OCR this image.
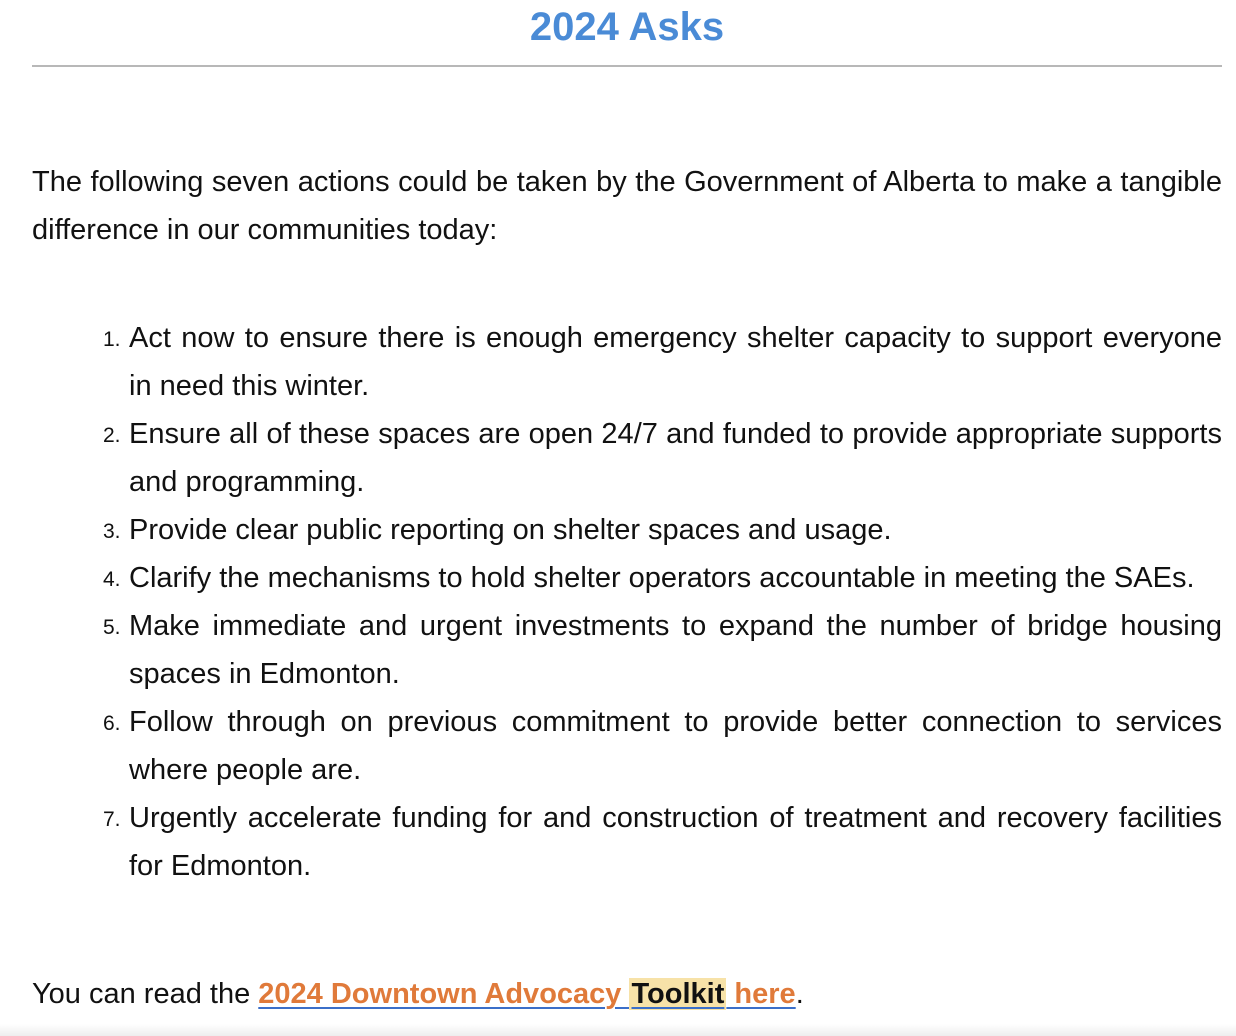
2024 Asks

The following seven actions could be taken by the Government of Alberta to make a tangible difference in our communities today:

1. Act now to ensure there is enough emergency shelter capacity to support everyone in need this winter.
2. Ensure all of these spaces are open 24/7 and funded to provide appropriate supports and programming.
3. Provide clear public reporting on shelter spaces and usage.
4. Clarify the mechanisms to hold shelter operators accountable in meeting the SAEs.
5. Make immediate and urgent investments to expand the number of bridge housing spaces in Edmonton.
6. Follow through on previous commitment to provide better connection to services where people are.
7. Urgently accelerate funding for and construction of treatment and recovery facilities for Edmonton.

You can read the 2024 Downtown Advocacy Toolkit here.
